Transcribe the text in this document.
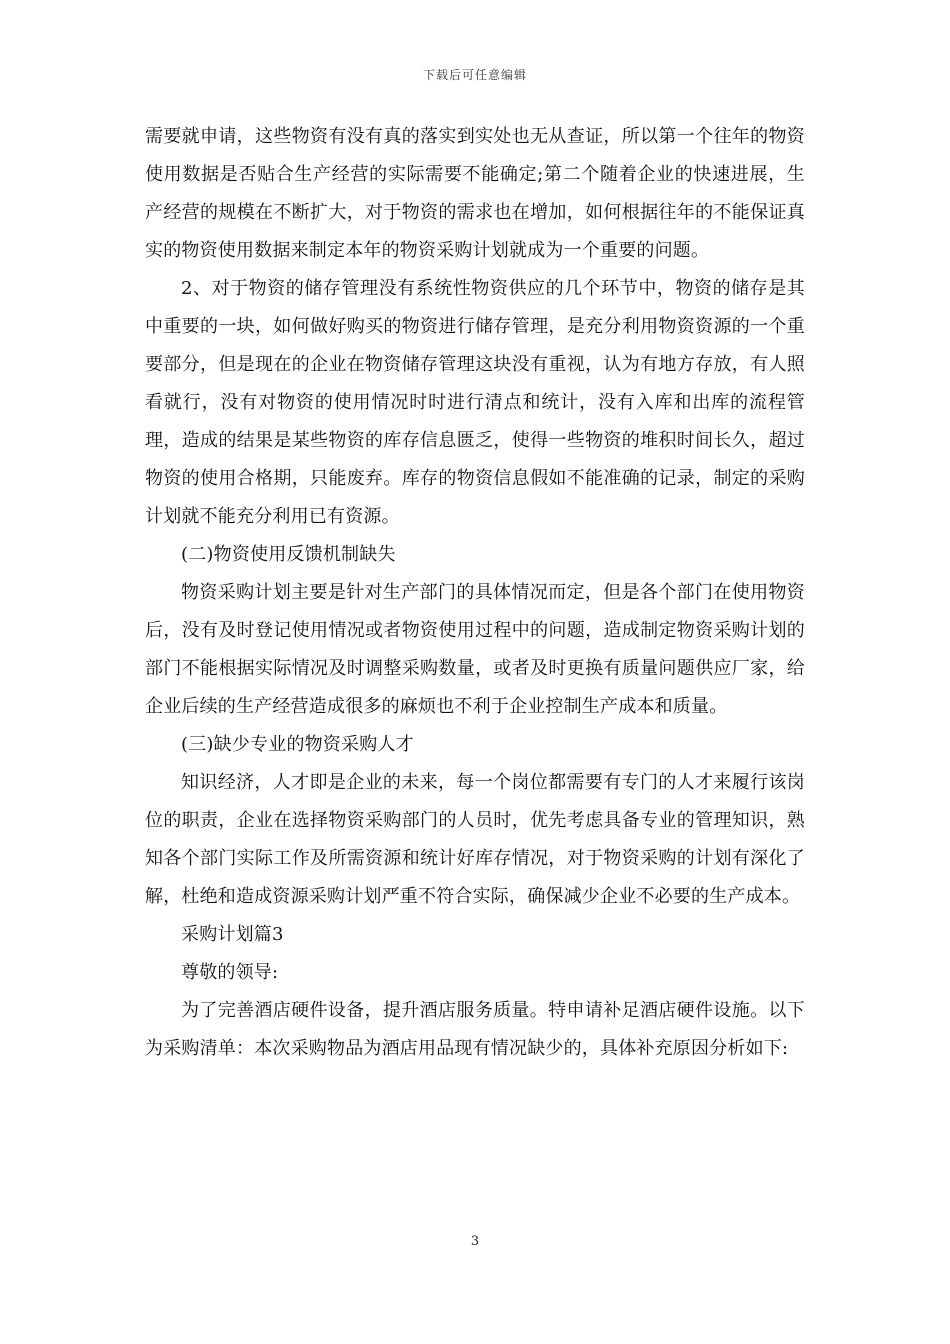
下载后可任意编辑

需要就申请，这些物资有没有真的落实到实处也无从查证，所以第一个往年的物资使用数据是否贴合生产经营的实际需要不能确定;第二个随着企业的快速进展，生产经营的规模在不断扩大，对于物资的需求也在增加，如何根据往年的不能保证真实的物资使用数据来制定本年的物资采购计划就成为一个重要的问题。

2、对于物资的储存管理没有系统性物资供应的几个环节中，物资的储存是其中重要的一块，如何做好购买的物资进行储存管理，是充分利用物资资源的一个重要部分，但是现在的企业在物资储存管理这块没有重视，认为有地方存放，有人照看就行，没有对物资的使用情况时时进行清点和统计，没有入库和出库的流程管理，造成的结果是某些物资的库存信息匮乏，使得一些物资的堆积时间长久，超过物资的使用合格期，只能废弃。库存的物资信息假如不能准确的记录，制定的采购计划就不能充分利用已有资源。

(二)物资使用反馈机制缺失

物资采购计划主要是针对生产部门的具体情况而定，但是各个部门在使用物资后，没有及时登记使用情况或者物资使用过程中的问题，造成制定物资采购计划的部门不能根据实际情况及时调整采购数量，或者及时更换有质量问题供应厂家，给企业后续的生产经营造成很多的麻烦也不利于企业控制生产成本和质量。

(三)缺少专业的物资采购人才

知识经济，人才即是企业的未来，每一个岗位都需要有专门的人才来履行该岗位的职责，企业在选择物资采购部门的人员时，优先考虑具备专业的管理知识，熟知各个部门实际工作及所需资源和统计好库存情况，对于物资采购的计划有深化了解，杜绝和造成资源采购计划严重不符合实际，确保减少企业不必要的生产成本。

采购计划篇3

尊敬的领导:

为了完善酒店硬件设备，提升酒店服务质量。特申请补足酒店硬件设施。以下为采购清单：本次采购物品为酒店用品现有情况缺少的，具体补充原因分析如下:

3
